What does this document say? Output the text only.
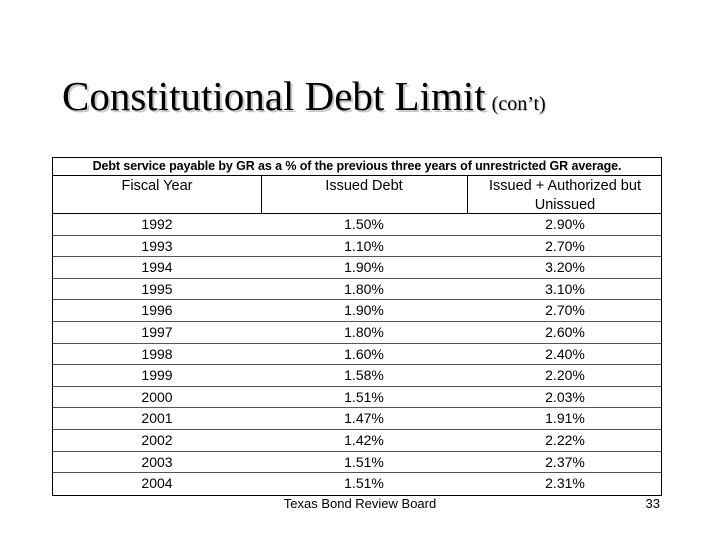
Constitutional Debt Limit (con’t)
Debt service payable by GR as a % of the previous three years of unrestricted GR average.
Fiscal Year	Issued Debt	Issued + Authorized but Unissued
1992	1.50%	2.90%
1993	1.10%	2.70%
1994	1.90%	3.20%
1995	1.80%	3.10%
1996	1.90%	2.70%
1997	1.80%	2.60%
1998	1.60%	2.40%
1999	1.58%	2.20%
2000	1.51%	2.03%
2001	1.47%	1.91%
2002	1.42%	2.22%
2003	1.51%	2.37%
2004	1.51%	2.31%
Texas Bond Review Board	33
